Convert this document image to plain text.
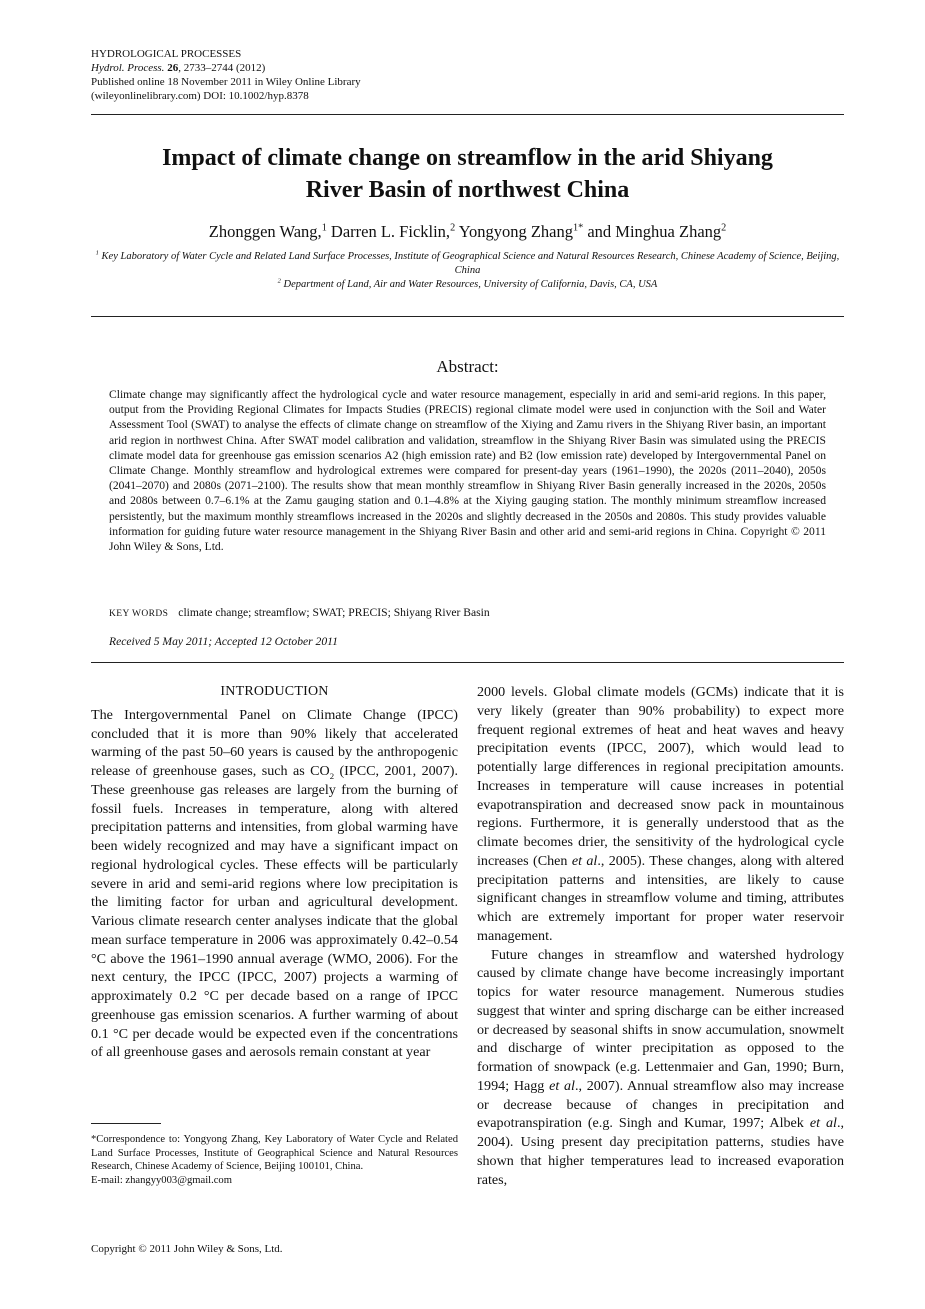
HYDROLOGICAL PROCESSES
Hydrol. Process. 26, 2733–2744 (2012)
Published online 18 November 2011 in Wiley Online Library
(wileyonlinelibrary.com) DOI: 10.1002/hyp.8378
Impact of climate change on streamflow in the arid Shiyang
River Basin of northwest China
Zhonggen Wang,$^1$ Darren L. Ficklin,$^2$ Yongyong Zhang$^{1*}$ and Minghua Zhang$^2$
$^1$ Key Laboratory of Water Cycle and Related Land Surface Processes, Institute of Geographical Science and Natural Resources Research, Chinese Academy of Science, Beijing, China
$^2$ Department of Land, Air and Water Resources, University of California, Davis, CA, USA
Abstract:
Climate change may significantly affect the hydrological cycle and water resource management, especially in arid and semi-arid regions. In this paper, output from the Providing Regional Climates for Impacts Studies (PRECIS) regional climate model were used in conjunction with the Soil and Water Assessment Tool (SWAT) to analyse the effects of climate change on streamflow of the Xiying and Zamu rivers in the Shiyang River basin, an important arid region in northwest China. After SWAT model calibration and validation, streamflow in the Shiyang River Basin was simulated using the PRECIS climate model data for greenhouse gas emission scenarios A2 (high emission rate) and B2 (low emission rate) developed by Intergovernmental Panel on Climate Change. Monthly streamflow and hydrological extremes were compared for present-day years (1961–1990), the 2020s (2011–2040), 2050s (2041–2070) and 2080s (2071–2100). The results show that mean monthly streamflow in Shiyang River Basin generally increased in the 2020s, 2050s and 2080s between 0.7–6.1% at the Zamu gauging station and 0.1–4.8% at the Xiying gauging station. The monthly minimum streamflow increased persistently, but the maximum monthly streamflows increased in the 2020s and slightly decreased in the 2050s and 2080s. This study provides valuable information for guiding future water resource management in the Shiyang River Basin and other arid and semi-arid regions in China. Copyright © 2011 John Wiley & Sons, Ltd.
KEY WORDS climate change; streamflow; SWAT; PRECIS; Shiyang River Basin
Received 5 May 2011; Accepted 12 October 2011
INTRODUCTION

The Intergovernmental Panel on Climate Change (IPCC) concluded that it is more than 90% likely that accelerated warming of the past 50–60 years is caused by the anthropogenic release of greenhouse gases, such as $CO_2$ (IPCC, 2001, 2007). These greenhouse gas releases are largely from the burning of fossil fuels. Increases in temperature, along with altered precipitation patterns and intensities, from global warming have been widely recognized and may have a significant impact on regional hydrological cycles. These effects will be particularly severe in arid and semi-arid regions where low precipitation is the limiting factor for urban and agricultural development. Various climate research center analyses indicate that the global mean surface temperature in 2006 was approximately 0.42–0.54 °C above the 1961–1990 annual average (WMO, 2006). For the next century, the IPCC (IPCC, 2007) projects a warming of approximately 0.2 °C per decade based on a range of IPCC greenhouse gas emission scenarios. A further warming of about 0.1 °C per decade would be expected even if the concentrations of all greenhouse gases and aerosols remain constant at year

2000 levels. Global climate models (GCMs) indicate that it is very likely (greater than 90% probability) to expect more frequent regional extremes of heat and heat waves and heavy precipitation events (IPCC, 2007), which would lead to potentially large differences in regional precipitation amounts. Increases in temperature will cause increases in potential evapotranspiration and decreased snow pack in mountainous regions. Furthermore, it is generally understood that as the climate becomes drier, the sensitivity of the hydrological cycle increases (Chen et al., 2005). These changes, along with altered precipitation patterns and intensities, are likely to cause significant changes in streamflow volume and timing, attributes which are extremely important for proper water reservoir management.

Future changes in streamflow and watershed hydrology caused by climate change have become increasingly important topics for water resource management. Numerous studies suggest that winter and spring discharge can be either increased or decreased by seasonal shifts in snow accumulation, snowmelt and discharge of winter precipitation as opposed to the formation of snowpack (e.g. Lettenmaier and Gan, 1990; Burn, 1994; Hagg et al., 2007). Annual streamflow also may increase or decrease because of changes in precipitation and evapotranspiration (e.g. Singh and Kumar, 1997; Albek et al., 2004). Using present day precipitation patterns, studies have shown that higher temperatures lead to increased evaporation rates,

*Correspondence to: Yongyong Zhang, Key Laboratory of Water Cycle and Related Land Surface Processes, Institute of Geographical Science and Natural Resources Research, Chinese Academy of Science, Beijing 100101, China.
E-mail: zhangyy003@gmail.com
Copyright © 2011 John Wiley & Sons, Ltd.
